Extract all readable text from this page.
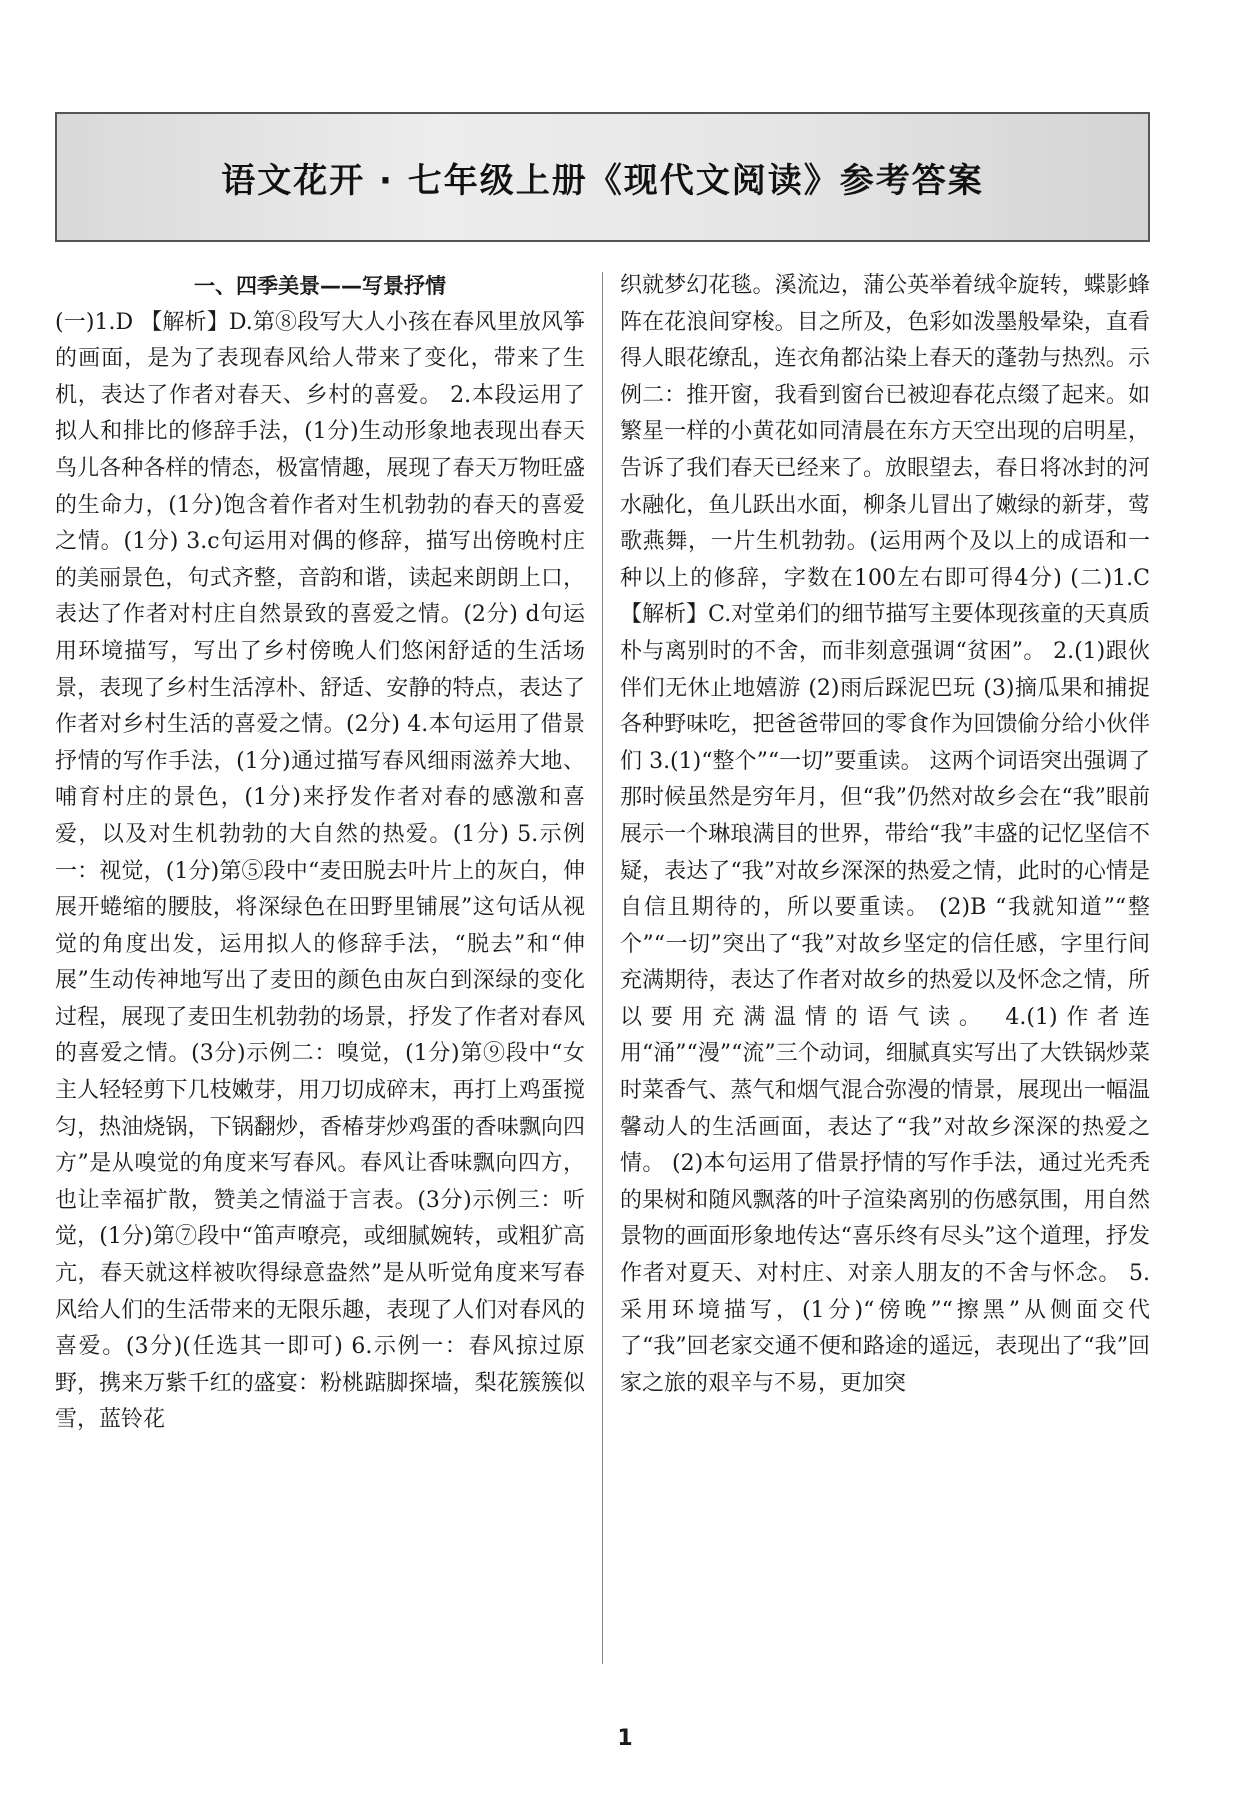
语文花开 · 七年级上册《现代文阅读》参考答案

一、四季美景——写景抒情

(一)1.D 【解析】D.第⑧段写大人小孩在春风里放风筝的画面，是为了表现春风给人带来了变化，带来了生机，表达了作者对春天、乡村的喜爱。 2.本段运用了拟人和排比的修辞手法，(1分)生动形象地表现出春天鸟儿各种各样的情态，极富情趣，展现了春天万物旺盛的生命力，(1分)饱含着作者对生机勃勃的春天的喜爱之情。(1分) 3.c句运用对偶的修辞，描写出傍晚村庄的美丽景色，句式齐整，音韵和谐，读起来朗朗上口，表达了作者对村庄自然景致的喜爱之情。(2分) d句运用环境描写，写出了乡村傍晚人们悠闲舒适的生活场景，表现了乡村生活淳朴、舒适、安静的特点，表达了作者对乡村生活的喜爱之情。(2分) 4.本句运用了借景抒情的写作手法，(1分)通过描写春风细雨滋养大地、哺育村庄的景色，(1分)来抒发作者对春的感激和喜爱，以及对生机勃勃的大自然的热爱。(1分) 5.示例一：视觉，(1分)第⑤段中“麦田脱去叶片上的灰白，伸展开蜷缩的腰肢，将深绿色在田野里铺展”这句话从视觉的角度出发，运用拟人的修辞手法，“脱去”和“伸展”生动传神地写出了麦田的颜色由灰白到深绿的变化过程，展现了麦田生机勃勃的场景，抒发了作者对春风的喜爱之情。(3分)示例二：嗅觉，(1分)第⑨段中“女主人轻轻剪下几枝嫩芽，用刀切成碎末，再打上鸡蛋搅匀，热油烧锅，下锅翻炒，香椿芽炒鸡蛋的香味飘向四方”是从嗅觉的角度来写春风。春风让香味飘向四方，也让幸福扩散，赞美之情溢于言表。(3分)示例三：听觉，(1分)第⑦段中“笛声嘹亮，或细腻婉转，或粗犷高亢，春天就这样被吹得绿意盎然”是从听觉角度来写春风给人们的生活带来的无限乐趣，表现了人们对春风的喜爱。(3分)(任选其一即可) 6.示例一：春风掠过原野，携来万紫千红的盛宴：粉桃踮脚探墙，梨花簇簇似雪，蓝铃花

织就梦幻花毯。溪流边，蒲公英举着绒伞旋转，蝶影蜂阵在花浪间穿梭。目之所及，色彩如泼墨般晕染，直看得人眼花缭乱，连衣角都沾染上春天的蓬勃与热烈。示例二：推开窗，我看到窗台已被迎春花点缀了起来。如繁星一样的小黄花如同清晨在东方天空出现的启明星，告诉了我们春天已经来了。放眼望去，春日将冰封的河水融化，鱼儿跃出水面，柳条儿冒出了嫩绿的新芽，莺歌燕舞，一片生机勃勃。(运用两个及以上的成语和一种以上的修辞，字数在100左右即可得4分) (二)1.C 【解析】C.对堂弟们的细节描写主要体现孩童的天真质朴与离别时的不舍，而非刻意强调“贫困”。 2.(1)跟伙伴们无休止地嬉游 (2)雨后踩泥巴玩 (3)摘瓜果和捕捉各种野味吃，把爸爸带回的零食作为回馈偷分给小伙伴们 3.(1)“整个”“一切”要重读。 这两个词语突出强调了那时候虽然是穷年月，但“我”仍然对故乡会在“我”眼前展示一个琳琅满目的世界，带给“我”丰盛的记忆坚信不疑，表达了“我”对故乡深深的热爱之情，此时的心情是自信且期待的，所以要重读。 (2)B “我就知道”“整个”“一切”突出了“我”对故乡坚定的信任感，字里行间充满期待，表达了作者对故乡的热爱以及怀念之情，所以要用充满温情的语气读。 4.(1)作者连用“涌”“漫”“流”三个动词，细腻真实写出了大铁锅炒菜时菜香气、蒸气和烟气混合弥漫的情景，展现出一幅温馨动人的生活画面，表达了“我”对故乡深深的热爱之情。 (2)本句运用了借景抒情的写作手法，通过光秃秃的果树和随风飘落的叶子渲染离别的伤感氛围，用自然景物的画面形象地传达“喜乐终有尽头”这个道理，抒发作者对夏天、对村庄、对亲人朋友的不舍与怀念。 5.采用环境描写，(1分)“傍晚”“擦黑”从侧面交代了“我”回老家交通不便和路途的遥远，表现出了“我”回家之旅的艰辛与不易，更加突

1
